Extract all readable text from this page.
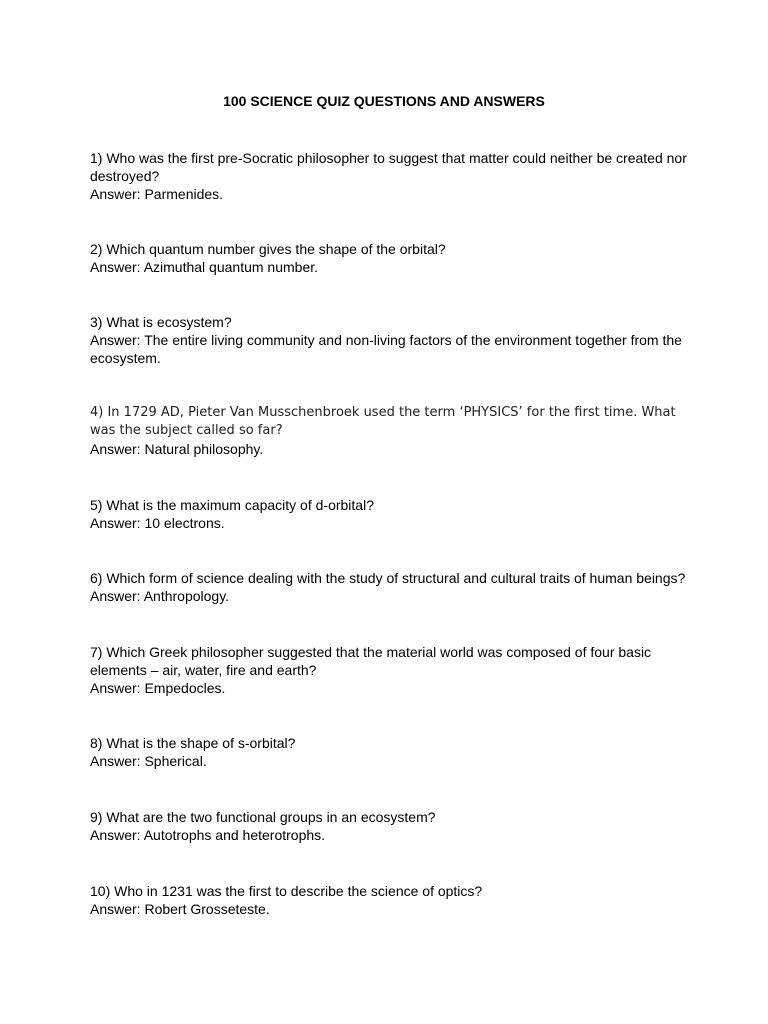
100 SCIENCE QUIZ QUESTIONS AND ANSWERS
1) Who was the first pre-Socratic philosopher to suggest that matter could neither be created nor destroyed?
Answer: Parmenides.
2) Which quantum number gives the shape of the orbital?
Answer: Azimuthal quantum number.
3) What is ecosystem?
Answer: The entire living community and non-living factors of the environment together from the ecosystem.
4) In 1729 AD, Pieter Van Musschenbroek used the term ‘PHYSICS’ for the first time. What was the subject called so far?
Answer: Natural philosophy.
5) What is the maximum capacity of d-orbital?
Answer: 10 electrons.
6) Which form of science dealing with the study of structural and cultural traits of human beings?
Answer: Anthropology.
7) Which Greek philosopher suggested that the material world was composed of four basic elements – air, water, fire and earth?
Answer: Empedocles.
8) What is the shape of s-orbital?
Answer: Spherical.
9) What are the two functional groups in an ecosystem?
Answer: Autotrophs and heterotrophs.
10) Who in 1231 was the first to describe the science of optics?
Answer: Robert Grosseteste.
